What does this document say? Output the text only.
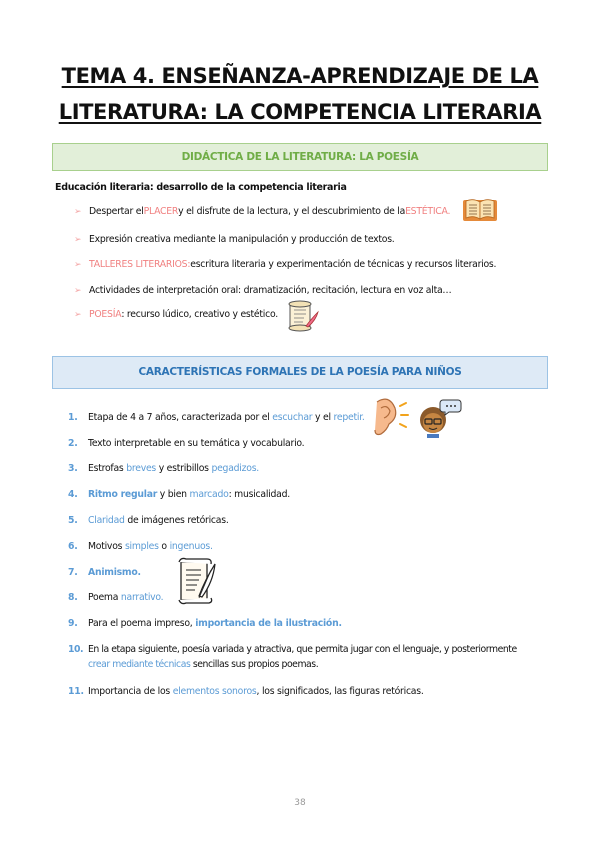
TEMA 4. ENSEÑANZA-APRENDIZAJE DE LA
LITERATURA: LA COMPETENCIA LITERARIA
DIDÁCTICA DE LA LITERATURA: LA POESÍA
Educación literaria: desarrollo de la competencia literaria
➢ Despertar el PLACER y el disfrute de la lectura, y el descubrimiento de la ESTÉTICA.
➢ Expresión creativa mediante la manipulación y producción de textos.
➢ TALLERES LITERARIOS: escritura literaria y experimentación de técnicas y recursos literarios.
➢ Actividades de interpretación oral: dramatización, recitación, lectura en voz alta…
➢ POESÍA : recurso lúdico, creativo y estético.
CARACTERÍSTICAS FORMALES DE LA POESÍA PARA NIÑOS
1. Etapa de 4 a 7 años, caracterizada por el escuchar y el repetir.
2. Texto interpretable en su temática y vocabulario.
3. Estrofas breves y estribillos pegadizos.
4. Ritmo regular y bien marcado: musicalidad.
5. Claridad de imágenes retóricas.
6. Motivos simples o ingenuos.
7. Animismo.
8. Poema narrativo.
9. Para el poema impreso, importancia de la ilustración.
10. En la etapa siguiente, poesía variada y atractiva, que permita jugar con el lenguaje, y posteriormente
crear mediante técnicas sencillas sus propios poemas.
11. Importancia de los elementos sonoros, los significados, las figuras retóricas.
38
